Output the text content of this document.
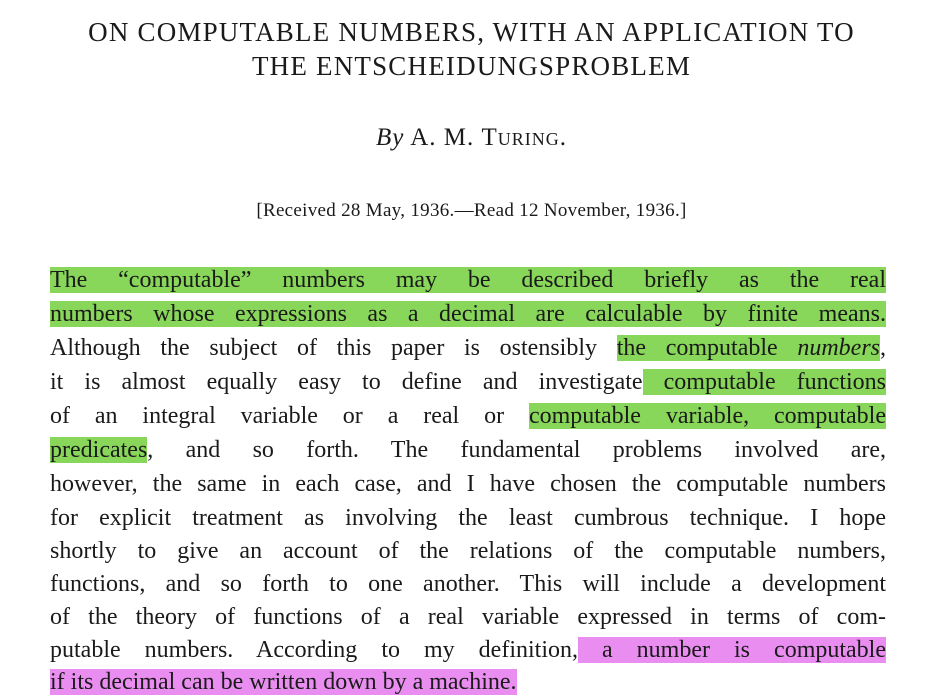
ON COMPUTABLE NUMBERS, WITH AN APPLICATION TO
THE ENTSCHEIDUNGSPROBLEM
By A. M. Turing.
[Received 28 May, 1936.—Read 12 November, 1936.]
The “computable” numbers may be described briefly as the real
numbers whose expressions as a decimal are calculable by finite means.
Although the subject of this paper is ostensibly the computable numbers,
it is almost equally easy to define and investigate computable functions
of an integral variable or a real or computable variable, computable
predicates, and so forth. The fundamental problems involved are,
however, the same in each case, and I have chosen the computable numbers
for explicit treatment as involving the least cumbrous technique. I hope
shortly to give an account of the relations of the computable numbers,
functions, and so forth to one another. This will include a development
of the theory of functions of a real variable expressed in terms of com-
putable numbers. According to my definition, a number is computable
if its decimal can be written down by a machine.
